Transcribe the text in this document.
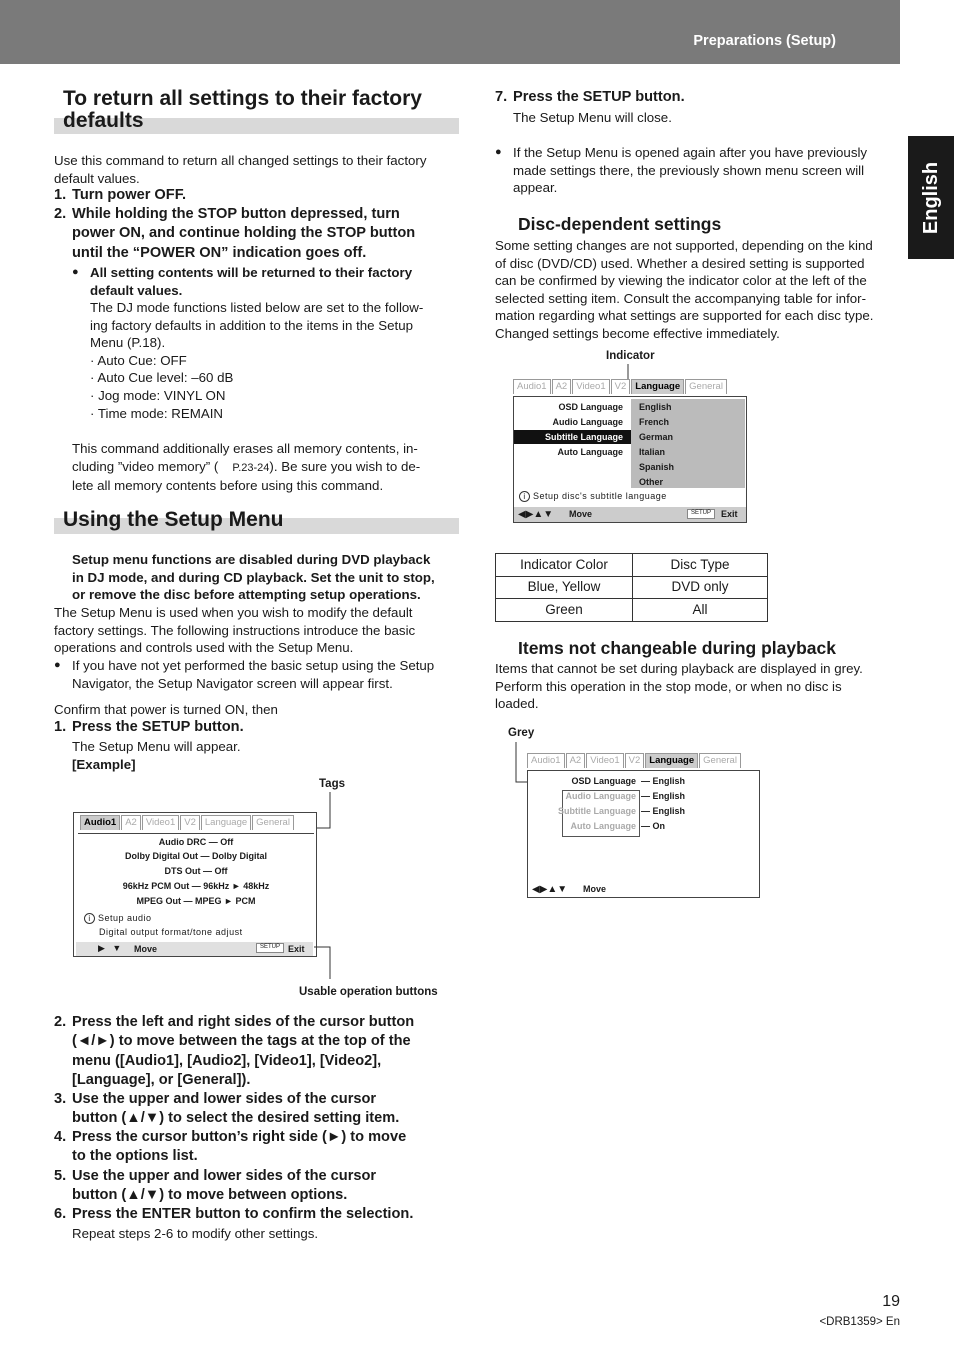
Preparations (Setup)
English
To return all settings to their factory
defaults
Use this command to return all changed settings to their factory
default values.
1. Turn power OFF.
2. While holding the STOP button depressed, turn
power ON, and continue holding the STOP button
until the “POWER ON” indication goes off.
● All setting contents will be returned to their factory
default values.
The DJ mode functions listed below are set to the follow-
ing factory defaults in addition to the items in the Setup
Menu (P.18).
· Auto Cue: OFF
· Auto Cue level: –60 dB
· Jog mode: VINYL ON
· Time mode: REMAIN
This command additionally erases all memory contents, in-
cluding ”video memory” ( P.23-24). Be sure you wish to de-
lete all memory contents before using this command.
Using the Setup Menu
Setup menu functions are disabled during DVD playback
in DJ mode, and during CD playback. Set the unit to stop,
or remove the disc before attempting setup operations.
The Setup Menu is used when you wish to modify the default
factory settings. The following instructions introduce the basic
operations and controls used with the Setup Menu.
● If you have not yet performed the basic setup using the Setup
Navigator, the Setup Navigator screen will appear first.
Confirm that power is turned ON, then
1. Press the SETUP button.
The Setup Menu will appear.
[Example]
Tags
Audio1 A2 Video1 V2 Language General
Audio DRC — Off
Dolby Digital Out — Dolby Digital
DTS Out — Off
96kHz PCM Out — 96kHz ► 48kHz
MPEG Out — MPEG ► PCM
i Setup audio
Digital output format/tone adjust
▶   ▼ Move	SETUP Exit
Usable operation buttons
2. Press the left and right sides of the cursor button
(◄/►) to move between the tags at the top of the
menu ([Audio1], [Audio2], [Video1], [Video2],
[Language], or [General]).
3. Use the upper and lower sides of the cursor
button (▲/▼) to select the desired setting item.
4. Press the cursor button’s right side (►) to move
to the options list.
5. Use the upper and lower sides of the cursor
button (▲/▼) to move between options.
6. Press the ENTER button to confirm the selection.
Repeat steps 2-6 to modify other settings.
7. Press the SETUP button.
The Setup Menu will close.
● If the Setup Menu is opened again after you have previously
made settings there, the previously shown menu screen will
appear.
Disc-dependent settings
Some setting changes are not supported, depending on the kind
of disc (DVD/CD) used. Whether a desired setting is supported
can be confirmed by viewing the indicator color at the left of the
selected setting item. Consult the accompanying table for infor-
mation regarding what settings are supported for each disc type.
Changed settings become effective immediately.
Indicator
Audio1 A2 Video1 V2 Language General
OSD Language
Audio Language
Subtitle Language
Auto Language
English
French
German
Italian
Spanish
Other
i Setup disc's subtitle language
◀▶▲▼ Move	SETUP	Exit
Indicator Color	Disc Type
Blue, Yellow	DVD only
Green	All
Items not changeable during playback
Items that cannot be set during playback are displayed in grey.
Perform this operation in the stop mode, or when no disc is
loaded.
Grey
Audio1 A2 Video1 V2 Language General
OSD Language
Audio Language
Subtitle Language
Auto Language
— English
— English
— English
— On
◀▶▲▼ Move
19
<DRB1359> En
